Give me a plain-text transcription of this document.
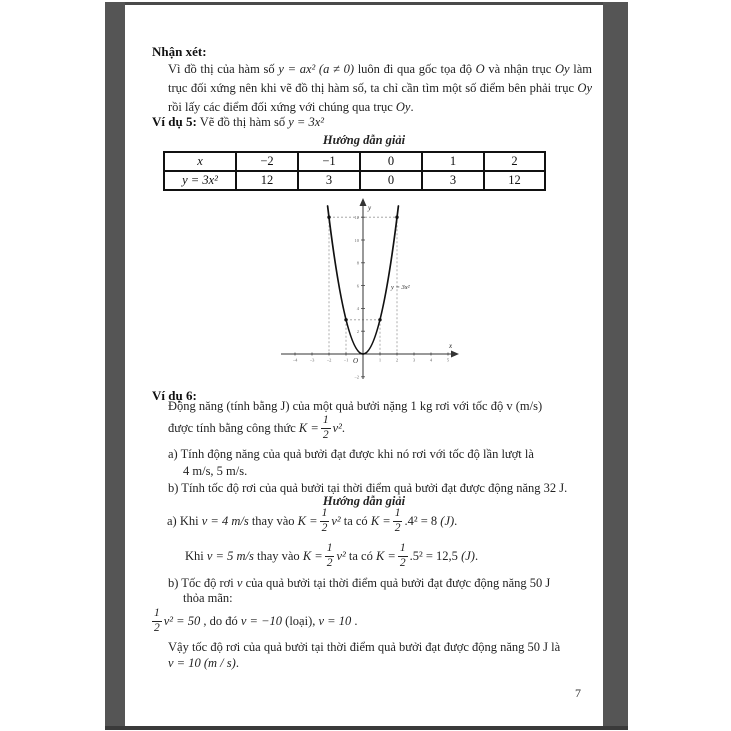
Nhận xét:
Vì đồ thị của hàm số y = ax² (a ≠ 0) luôn đi qua gốc tọa độ O và nhận trục Oy làm trục đối xứng nên khi vẽ đồ thị hàm số, ta chỉ cần tìm một số điểm bên phải trục Oy rồi lấy các điểm đối xứng với chúng qua trục Oy.
Ví dụ 5: Vẽ đồ thị hàm số y = 3x²
Hướng dẫn giải
x	−2	−1	0	1	2
y = 3x²	12	3	0	3	12
−4	−3	−2	−1	1	2	3	4	5
2
4
6
8
10
12
−2
y
x
O
y = 3x²
Ví dụ 6:
Động năng (tính bằng J) của một quả bưởi nặng 1 kg rơi với tốc độ v (m/s)
được tính bằng công thức $K = \frac{1}{2} v^2$ .
a) Tính động năng của quả bưởi đạt được khi nó rơi với tốc độ lần lượt là
4 m/s, 5 m/s.
b) Tính tốc độ rơi của quả bưởi tại thời điểm quả bưởi đạt được động năng 32 J.
Hướng dẫn giải
a) Khi v = 4 m/s thay vào $K = \frac{1}{2} v^2$ ta có $K = \frac{1}{2} .4^2 = 8$ (J) .
Khi v = 5 m/s thay vào $K = \frac{1}{2} v^2$ ta có $K = \frac{1}{2} .5^2 = 12,5$ (J) .
b) Tốc độ rơi v của quả bưởi tại thời điểm quả bưởi đạt được động năng 50 J
thỏa mãn:
$\frac{1}{2} v^2 = 50$ , do đó v = −10 (loại), v = 10 .
Vậy tốc độ rơi của quả bưởi tại thời điểm quả bưởi đạt được động năng 50 J là
v = 10 (m / s).
7
